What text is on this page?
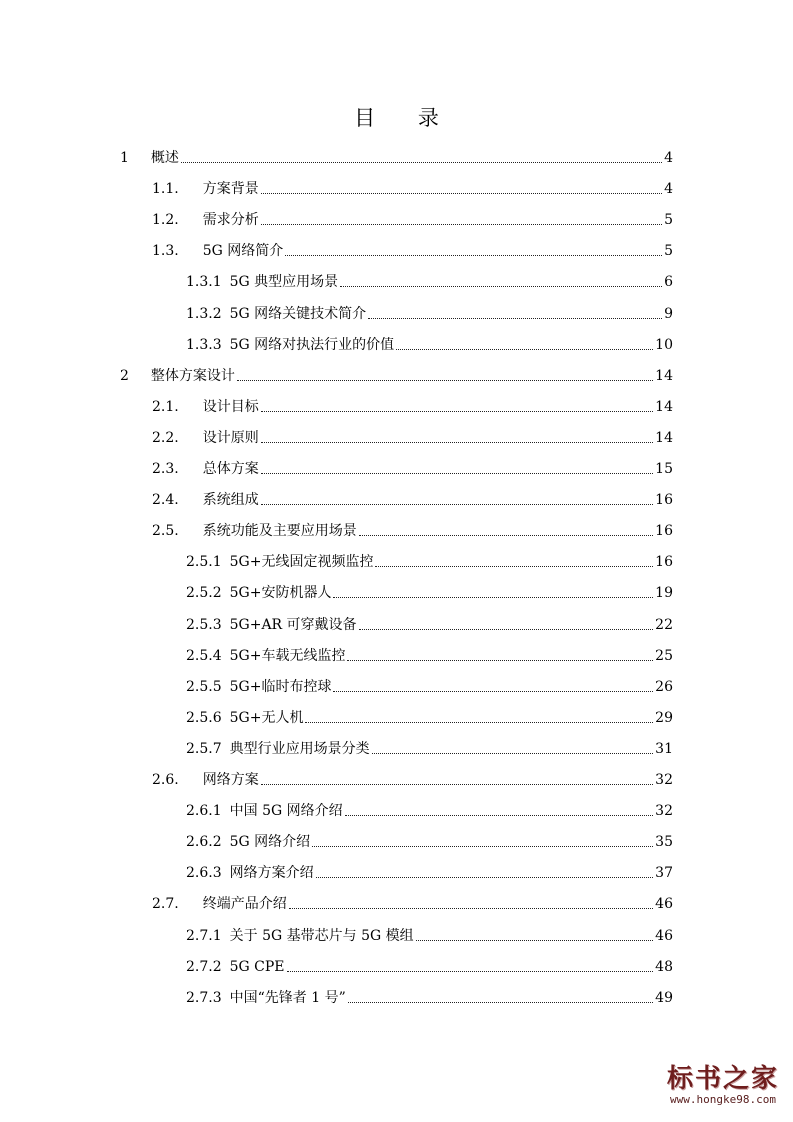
目 录
1 概述	4
1.1. 方案背景	4
1.2. 需求分析	5
1.3. 5G 网络简介	5
1.3.1 5G 典型应用场景	6
1.3.2 5G 网络关键技术简介	9
1.3.3 5G 网络对执法行业的价值	10
2 整体方案设计	14
2.1. 设计目标	14
2.2. 设计原则	14
2.3. 总体方案	15
2.4. 系统组成	16
2.5. 系统功能及主要应用场景	16
2.5.1 5G+无线固定视频监控	16
2.5.2 5G+安防机器人	19
2.5.3 5G+AR 可穿戴设备	22
2.5.4 5G+车载无线监控	25
2.5.5 5G+临时布控球	26
2.5.6 5G+无人机	29
2.5.7 典型行业应用场景分类	31
2.6. 网络方案	32
2.6.1 中国 5G 网络介绍	32
2.6.2 5G 网络介绍	35
2.6.3 网络方案介绍	37
2.7. 终端产品介绍	46
2.7.1 关于 5G 基带芯片与 5G 模组	46
2.7.2 5G CPE	48
2.7.3 中国“先锋者 1 号”	49
标书之家
www.hongke98.com
